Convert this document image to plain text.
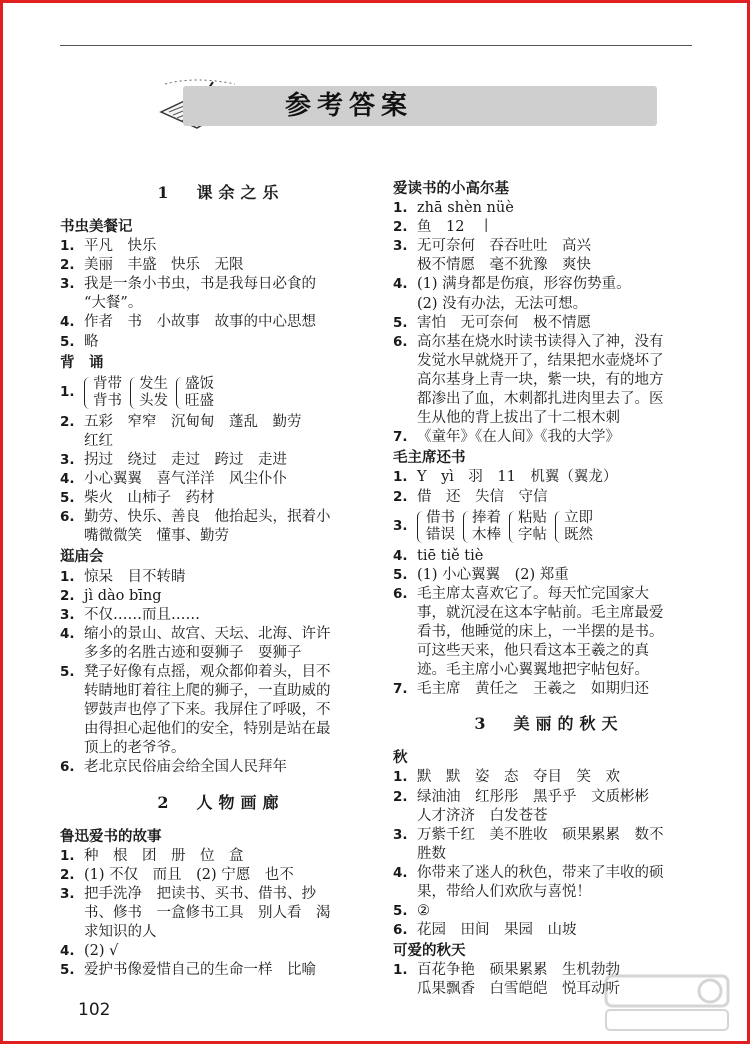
参考答案
1　课余之乐
书虫美餐记
1. 平凡　快乐
2. 美丽　丰盛　快乐　无限
3. 我是一条小书虫，书是我每日必食的
“大餐”。
4. 作者　书　小故事　故事的中心思想
5. 略
背　诵
1.
背带
背书
发生
头发
盛饭
旺盛
2. 五彩　窄窄　沉甸甸　蓬乱　勤劳
红红
3. 拐过　绕过　走过　跨过　走进
4. 小心翼翼　喜气洋洋　风尘仆仆
5. 柴火　山柿子　药材
6. 勤劳、快乐、善良　他抬起头，抿着小
嘴微微笑　懂事、勤劳
逛庙会
1. 惊呆　目不转睛
2. jì dào bīng
3. 不仅……而且……
4. 缩小的景山、故宫、天坛、北海、许许
多多的名胜古迹和耍狮子　耍狮子
5. 凳子好像有点摇，观众都仰着头，目不
转睛地盯着往上爬的狮子，一直助威的
锣鼓声也停了下来。我屏住了呼吸，不
由得担心起他们的安全，特别是站在最
顶上的老爷爷。
6. 老北京民俗庙会给全国人民拜年
2　人物画廊
鲁迅爱书的故事
1. 种　根　团　册　位　盒
2. (1) 不仅　而且　(2) 宁愿　也不
3. 把手洗净　把读书、买书、借书、抄
书、修书　一盒修书工具　别人看　渴
求知识的人
4. (2) √
5. 爱护书像爱惜自己的生命一样　比喻
爱读书的小高尔基
1. zhā shèn nüè
2. 鱼　12　丨
3. 无可奈何　吞吞吐吐　高兴
极不情愿　毫不犹豫　爽快
4. (1) 满身都是伤痕，形容伤势重。
(2) 没有办法，无法可想。
5. 害怕　无可奈何　极不情愿
6. 高尔基在烧水时读书读得入了神，没有
发觉水早就烧开了，结果把水壶烧坏了
高尔基身上青一块，紫一块，有的地方
都渗出了血，木刺都扎进肉里去了。医
生从他的背上拔出了十二根木刺
7. 《童年》《在人间》《我的大学》
毛主席还书
1. Y　yì　羽　11　机翼（翼龙）
2. 借　还　失信　守信
3.
借书
错误
捧着
木棒
粘贴
字帖
立即
既然
4. tiē tiě tiè
5. (1) 小心翼翼　(2) 郑重
6. 毛主席太喜欢它了。每天忙完国家大
事，就沉浸在这本字帖前。毛主席最爱
看书，他睡觉的床上，一半摆的是书。
可这些天来，他只看这本王羲之的真
迹。毛主席小心翼翼地把字帖包好。
7. 毛主席　黄任之　王羲之　如期归还
3　美丽的秋天
秋
1. 默　默　姿　态　夺目　笑　欢
2. 绿油油　红彤彤　黑乎乎　文质彬彬
人才济济　白发苍苍
3. 万紫千红　美不胜收　硕果累累　数不
胜数
4. 你带来了迷人的秋色，带来了丰收的硕
果，带给人们欢欣与喜悦！
5. ②
6. 花园　田间　果园　山坡
可爱的秋天
1. 百花争艳　硕果累累　生机勃勃
瓜果飘香　白雪皑皑　悦耳动听
102
